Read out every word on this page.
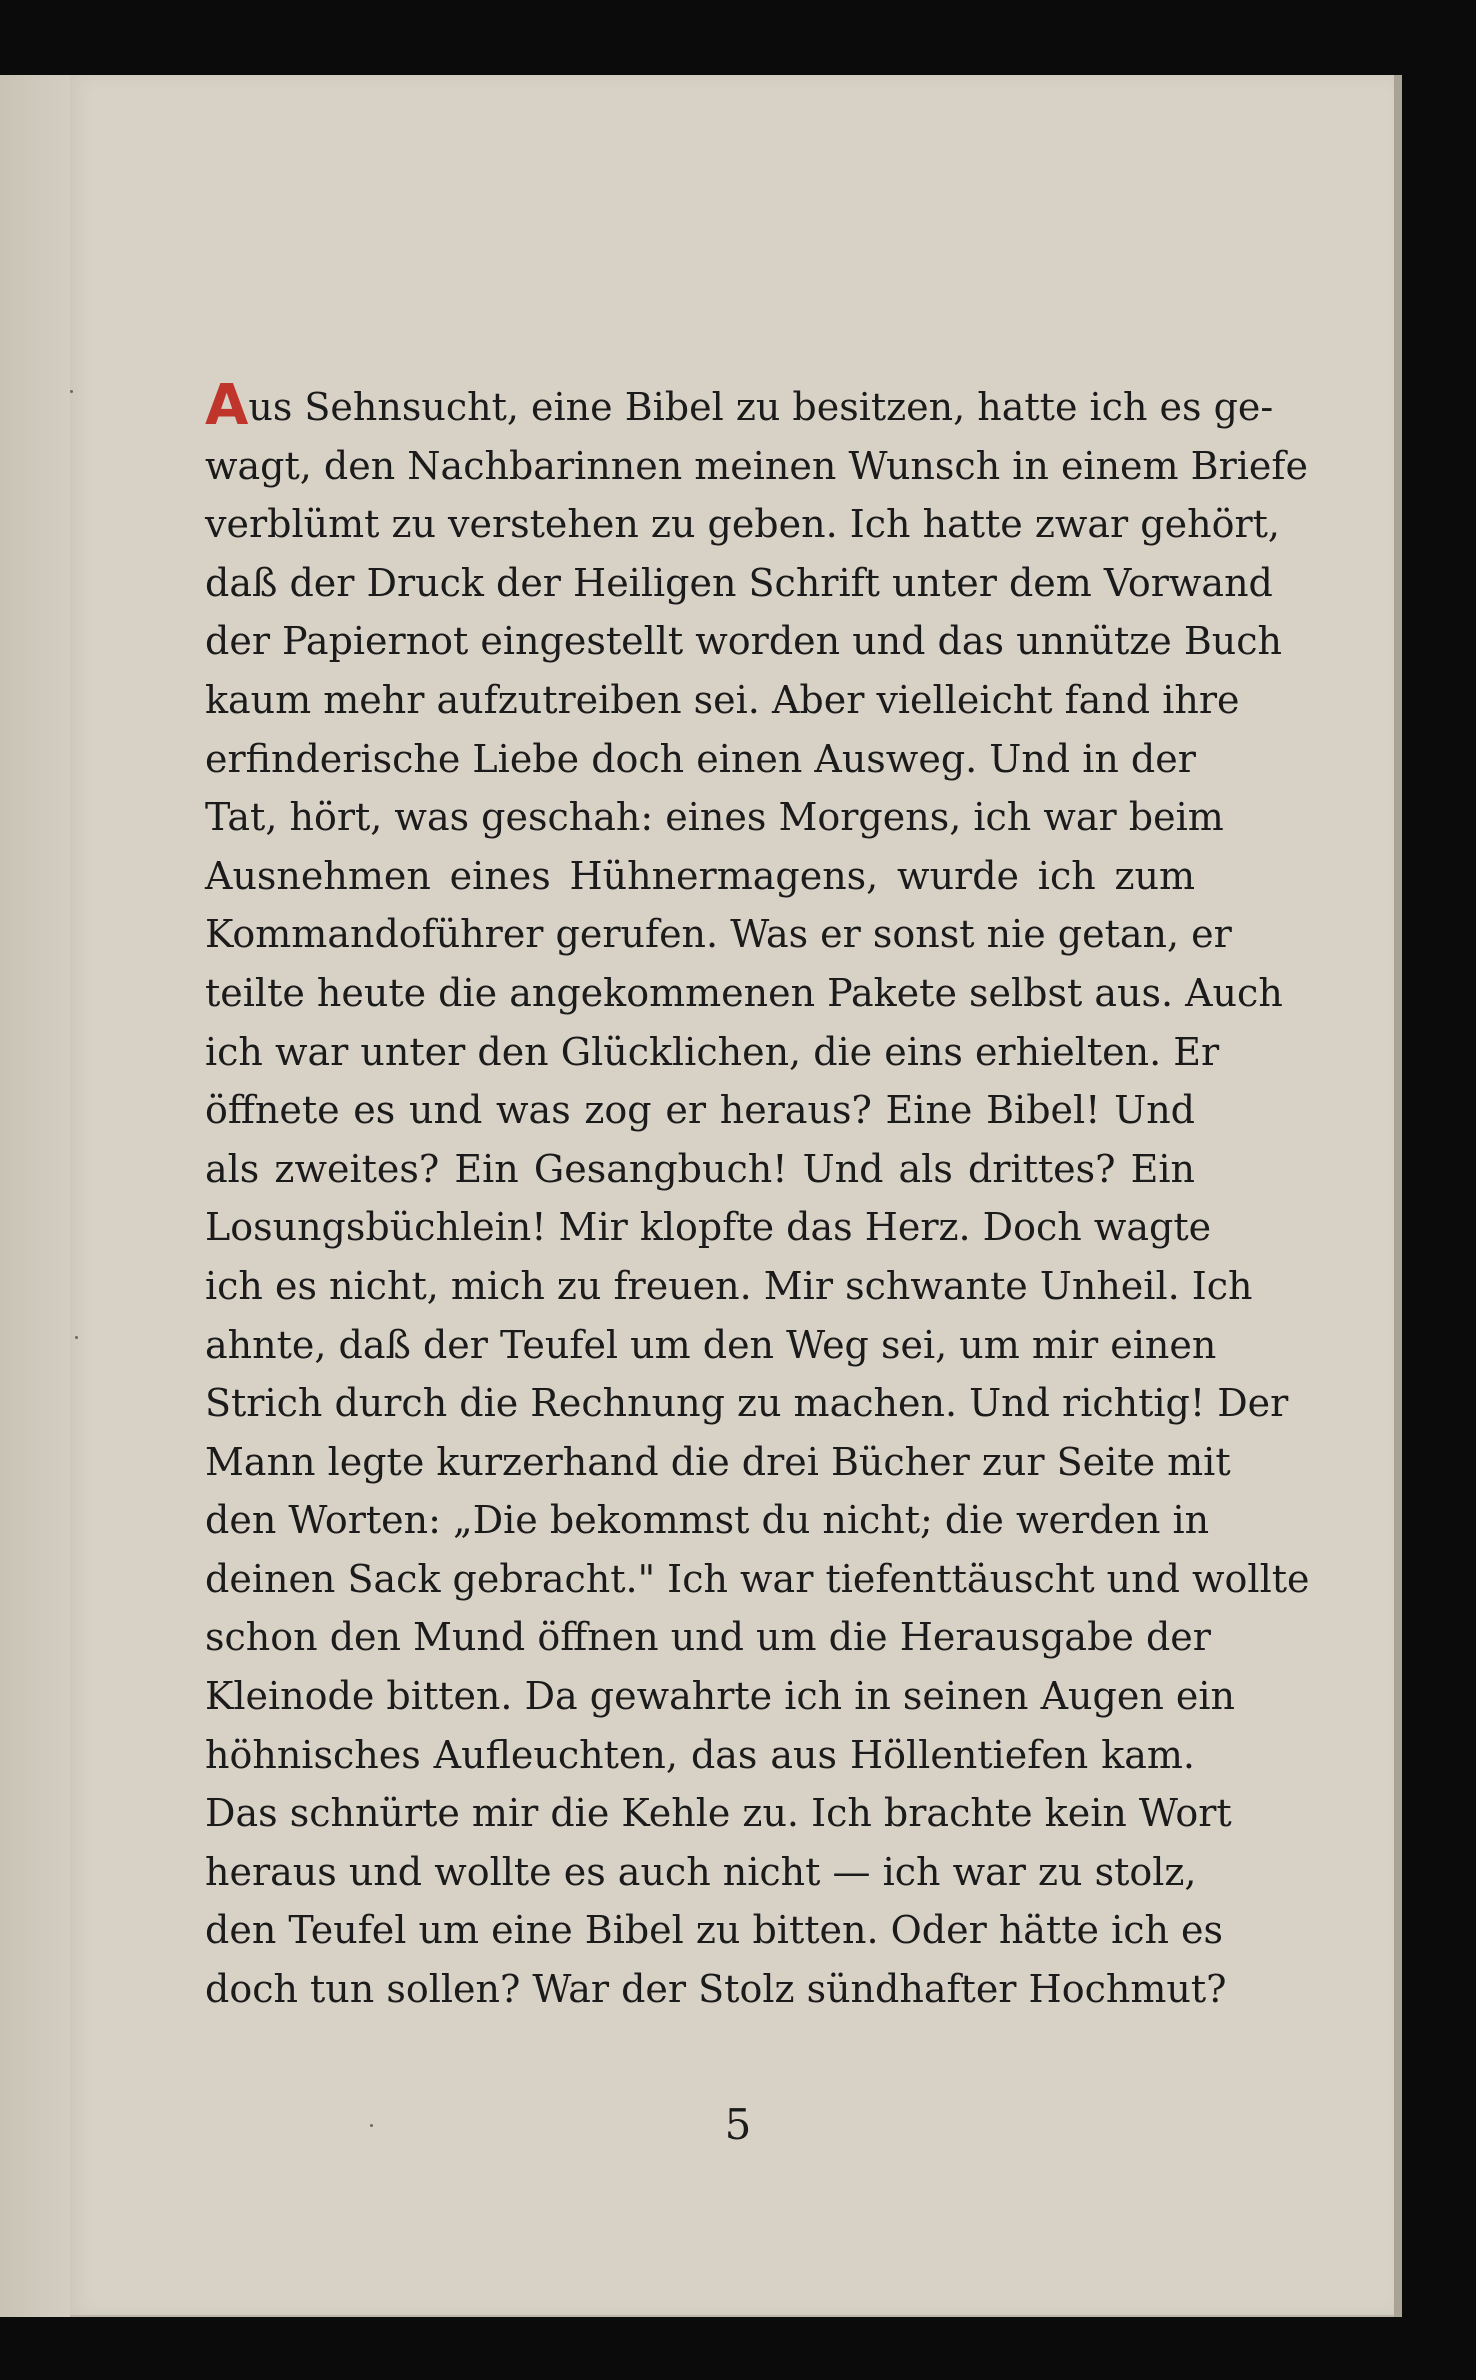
Aus Sehnsucht, eine Bibel zu besitzen, hatte ich es ge-
wagt, den Nachbarinnen meinen Wunsch in einem Briefe
verblümt zu verstehen zu geben. Ich hatte zwar gehört,
daß der Druck der Heiligen Schrift unter dem Vorwand
der Papiernot eingestellt worden und das unnütze Buch
kaum mehr aufzutreiben sei. Aber vielleicht fand ihre
erfinderische Liebe doch einen Ausweg. Und in der
Tat, hört, was geschah: eines Morgens, ich war beim
Ausnehmen eines Hühnermagens, wurde ich zum
Kommandoführer gerufen. Was er sonst nie getan, er
teilte heute die angekommenen Pakete selbst aus. Auch
ich war unter den Glücklichen, die eins erhielten. Er
öffnete es und was zog er heraus? Eine Bibel! Und
als zweites? Ein Gesangbuch! Und als drittes? Ein
Losungsbüchlein! Mir klopfte das Herz. Doch wagte
ich es nicht, mich zu freuen. Mir schwante Unheil. Ich
ahnte, daß der Teufel um den Weg sei, um mir einen
Strich durch die Rechnung zu machen. Und richtig! Der
Mann legte kurzerhand die drei Bücher zur Seite mit
den Worten: „Die bekommst du nicht; die werden in
deinen Sack gebracht." Ich war tiefenttäuscht und wollte
schon den Mund öffnen und um die Herausgabe der
Kleinode bitten. Da gewahrte ich in seinen Augen ein
höhnisches Aufleuchten, das aus Höllentiefen kam.
Das schnürte mir die Kehle zu. Ich brachte kein Wort
heraus und wollte es auch nicht — ich war zu stolz,
den Teufel um eine Bibel zu bitten. Oder hätte ich es
doch tun sollen? War der Stolz sündhafter Hochmut?
5
